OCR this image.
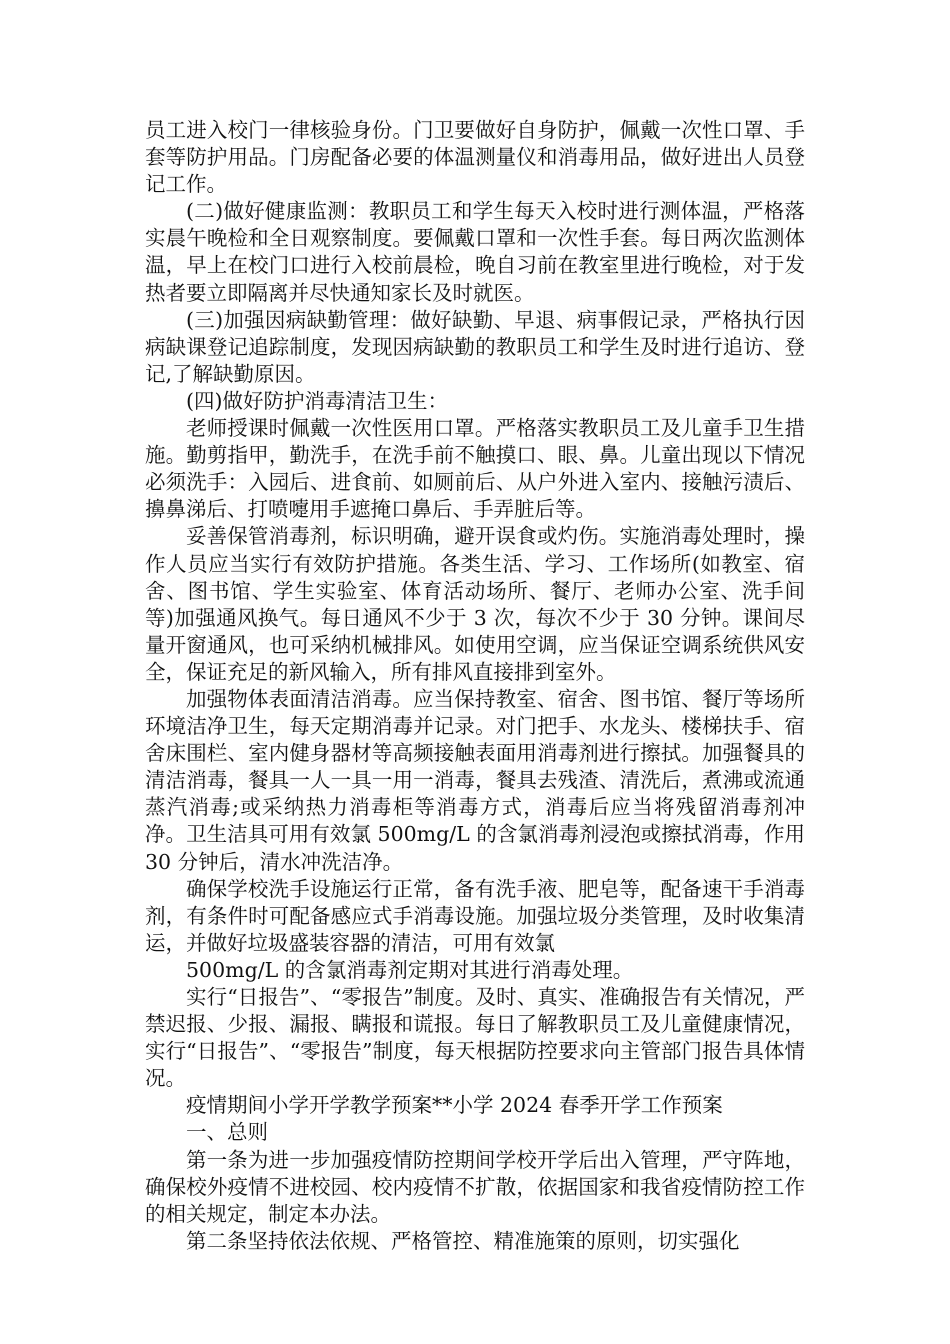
员工进入校门一律核验身份。门卫要做好自身防护，佩戴一次性口罩、手套等防护用品。门房配备必要的体温测量仪和消毒用品，做好进出人员登记工作。

(二)做好健康监测：教职员工和学生每天入校时进行测体温，严格落实晨午晚检和全日观察制度。要佩戴口罩和一次性手套。每日两次监测体温，早上在校门口进行入校前晨检，晚自习前在教室里进行晚检，对于发热者要立即隔离并尽快通知家长及时就医。

(三)加强因病缺勤管理：做好缺勤、早退、病事假记录，严格执行因病缺课登记追踪制度，发现因病缺勤的教职员工和学生及时进行追访、登记,了解缺勤原因。

(四)做好防护消毒清洁卫生：

老师授课时佩戴一次性医用口罩。严格落实教职员工及儿童手卫生措施。勤剪指甲，勤洗手，在洗手前不触摸口、眼、鼻。儿童出现以下情况必须洗手：入园后、进食前、如厕前后、从户外进入室内、接触污渍后、擤鼻涕后、打喷嚏用手遮掩口鼻后、手弄脏后等。

妥善保管消毒剂，标识明确，避开误食或灼伤。实施消毒处理时，操作人员应当实行有效防护措施。各类生活、学习、工作场所(如教室、宿舍、图书馆、学生实验室、体育活动场所、餐厅、老师办公室、洗手间等)加强通风换气。每日通风不少于 3 次，每次不少于 30 分钟。课间尽量开窗通风，也可采纳机械排风。如使用空调，应当保证空调系统供风安全，保证充足的新风输入，所有排风直接排到室外。

加强物体表面清洁消毒。应当保持教室、宿舍、图书馆、餐厅等场所环境洁净卫生，每天定期消毒并记录。对门把手、水龙头、楼梯扶手、宿舍床围栏、室内健身器材等高频接触表面用消毒剂进行擦拭。加强餐具的清洁消毒，餐具一人一具一用一消毒，餐具去残渣、清洗后，煮沸或流通蒸汽消毒;或采纳热力消毒柜等消毒方式，消毒后应当将残留消毒剂冲净。卫生洁具可用有效氯 500mg/L 的含氯消毒剂浸泡或擦拭消毒，作用 30 分钟后，清水冲洗洁净。

确保学校洗手设施运行正常，备有洗手液、肥皂等，配备速干手消毒剂，有条件时可配备感应式手消毒设施。加强垃圾分类管理，及时收集清运，并做好垃圾盛装容器的清洁，可用有效氯

500mg/L 的含氯消毒剂定期对其进行消毒处理。

实行“日报告”、“零报告”制度。及时、真实、准确报告有关情况，严禁迟报、少报、漏报、瞒报和谎报。每日了解教职员工及儿童健康情况，实行“日报告”、“零报告”制度，每天根据防控要求向主管部门报告具体情况。

疫情期间小学开学教学预案**小学 2024 春季开学工作预案

一、总则

第一条为进一步加强疫情防控期间学校开学后出入管理，严守阵地，确保校外疫情不进校园、校内疫情不扩散，依据国家和我省疫情防控工作的相关规定，制定本办法。

第二条坚持依法依规、严格管控、精准施策的原则，切实强化
